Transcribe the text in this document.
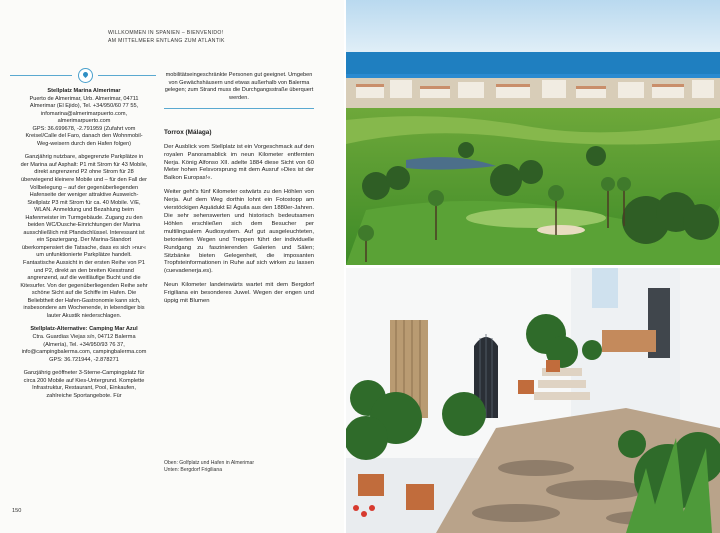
WILLKOMMEN IN SPANIEN – BIENVENIDO!
AM MITTELMEER ENTLANG ZUM ATLANTIK

Stellplatz Marina Almerimar
Puerto de Almerimar, Urb. Almerimar, 04711 Almerimar (El Ejido), Tel. +34/950/60 77 55, infomarina@almerimarpuerto.com, almerimarpuerto.com
GPS: 36.699678, -2.791959 (Zufahrt vom Kreisel/Calle del Faro, danach den Wohnmobil-Weg-weisern durch den Hafen folgen)

Ganzjährig nutzbare, abgegrenzte Parkplätze in der Marina auf Asphalt: P1 mit Strom für 43 Mobile, direkt angrenzend P2 ohne Strom für 28 überwiegend kleinere Mobile und – für den Fall der Vollbelegung – auf der gegenüberliegenden Hafenseite der weniger attraktive Ausweich-Stellplatz P3 mit Strom für ca. 40 Mobile. V/E, WLAN. Anmeldung und Bezahlung beim Hafenmeister im Turmgebäude. Zugang zu den beiden WC/Dusche-Einrichtungen der Marina ausschließlich mit Pfandschlüssel. Interessant ist ein Spaziergang. Der Marina-Standort überkompensiert die Tatsache, dass es sich »nur« um unfunktionierte Parkplätze handelt. Fantastische Aussicht in der ersten Reihe von P1 und P2, direkt an den breiten Kiesstrand angrenzend, auf die weitläufige Bucht und die Kitesurfer. Von der gegenüberliegenden Reihe sehr schöne Sicht auf die Schiffe im Hafen. Die Beliebtheit der Hafen-Gastronomie kann sich, insbesondere am Wochenende, in lebendiger bis lauter Akustik niederschlagen.

Stellplatz-Alternative: Camping Mar Azul
Ctra. Guardias Viejas s/n, 04712 Balerma (Almería), Tel. +34/950/93 76 37, info@campingbalerma.com, campingbalerma.com
GPS: 36.721944, -2.878271

Ganzjährig geöffneter 3-Sterne-Campingplatz für circa 200 Mobile auf Kies-Untergrund. Komplette Infrastruktur, Restaurant, Pool, Einkaufen, zahlreiche Sportangebote. Für

mobilitätseingeschränkte Personen gut geeignet. Umgeben von Gewächshäusern und etwas außerhalb von Balerma gelegen; zum Strand muss die Durchgangsstraße überquert werden.

Torrox (Málaga)

Der Ausblick vom Stellplatz ist ein Vorgeschmack auf den royalen Panoramablick im neun Kilometer entfernten Nerja. König Alfonso XII. adelte 1884 diese Sicht von 60 Meter hohen Felsvorsprung mit dem Ausruf »Dies ist der Balkon Europas!«.

Weiter geht's fünf Kilometer ostwärts zu den Höhlen von Nerja. Auf dem Weg dorthin lohnt ein Fotostopp am vierstöckigen Aquädukt El Águila aus den 1880er-Jahren. Die sehr sehenswerten und historisch bedeutsamen Höhlen erschließen sich dem Besucher per multilingualem Audiosystem. Auf gut ausgeleuchteten, betonierten Wegen und Treppen führt der individuelle Rundgang zu faszinierenden Galerien und Sälen; Sitzbänke bieten Gelegenheit, die imposanten Tropfsteinformationen in Ruhe auf sich wirken zu lassen (cuevadenerja.es).

Neun Kilometer landeinwärts wartet mit dem Bergdorf Frigiliana ein besonderes Juwel. Wegen der engen und üppig mit Blumen

Oben: Golfplatz und Hafen in Almerimar
Unten: Bergdorf Frigiliana
150
